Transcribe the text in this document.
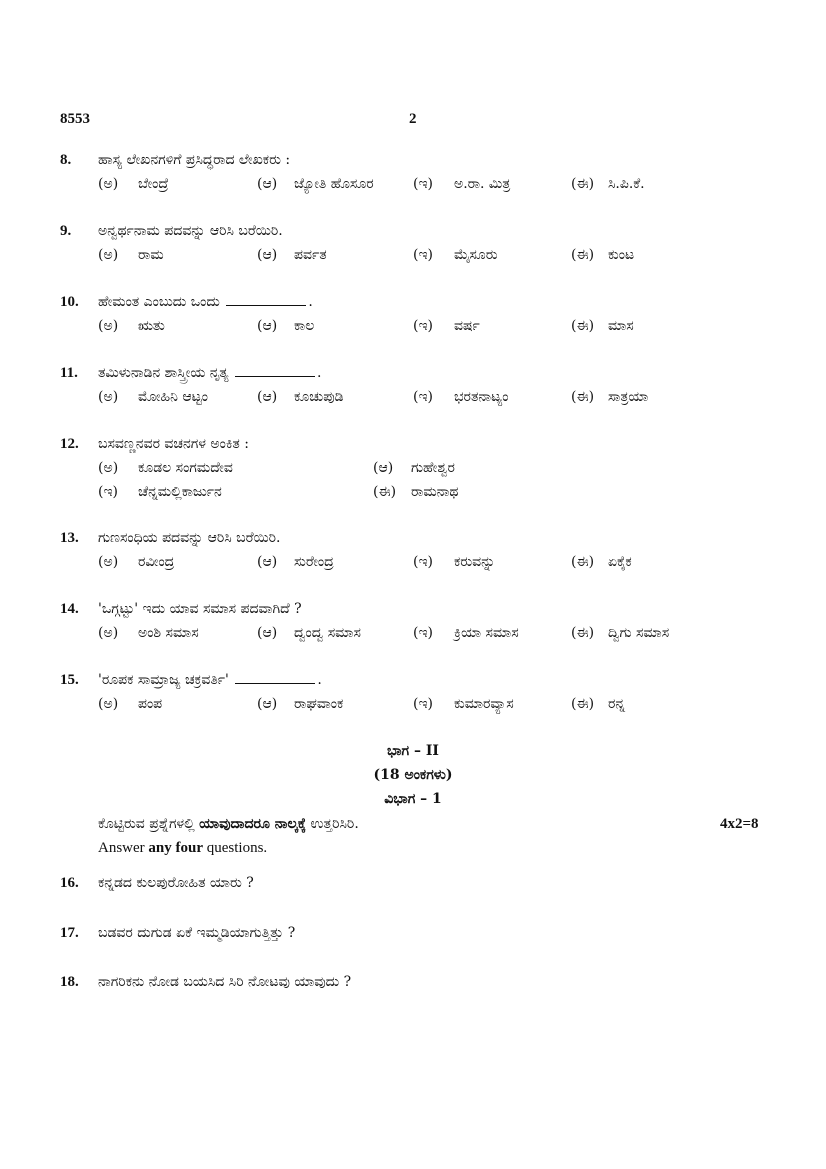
8553	2
8. ಹಾಸ್ಯ ಲೇಖನಗಳಿಗೆ ಪ್ರಸಿದ್ಧರಾದ ಲೇಖಕರು :
(ಅ) ಬೇಂದ್ರೆ	(ಆ) ಜ್ಯೋತಿ ಹೊಸೂರ	(ಇ) ಅ.ರಾ. ಮಿತ್ರ	(ಈ) ಸಿ.ಪಿ.ಕೆ.
9. ಅನ್ವರ್ಥನಾಮ ಪದವನ್ನು ಆರಿಸಿ ಬರೆಯಿರಿ.
(ಅ) ರಾಮ	(ಆ) ಪರ್ವತ	(ಇ) ಮೈಸೂರು	(ಈ) ಕುಂಟ
10. ಹೇಮಂತ ಎಂಬುದು ಒಂದು	.
(ಅ) ಋತು	(ಆ) ಕಾಲ	(ಇ) ವರ್ಷ	(ಈ) ಮಾಸ
11. ತಮಿಳುನಾಡಿನ ಶಾಸ್ತ್ರೀಯ ನೃತ್ಯ	.
(ಅ) ಮೋಹಿನಿ ಆಟ್ಟಂ	(ಆ) ಕೂಚುಪುಡಿ	(ಇ) ಭರತನಾಟ್ಯಂ	(ಈ) ಸಾತ್ರಯಾ
12. ಬಸವಣ್ಣನವರ ವಚನಗಳ ಅಂಕಿತ :
(ಅ) ಕೂಡಲ ಸಂಗಮದೇವ	(ಆ) ಗುಹೇಶ್ವರ
(ಇ) ಚೆನ್ನಮಲ್ಲಿಕಾರ್ಜುನ	(ಈ) ರಾಮನಾಥ
13. ಗುಣಸಂಧಿಯ ಪದವನ್ನು ಆರಿಸಿ ಬರೆಯಿರಿ.
(ಅ) ರವೀಂದ್ರ	(ಆ) ಸುರೇಂದ್ರ	(ಇ) ಕರುವನ್ನು	(ಈ) ಏಕೈಕ
14. 'ಒಗ್ಗಟ್ಟು' ಇದು ಯಾವ ಸಮಾಸ ಪದವಾಗಿದೆ ?
(ಅ) ಅಂಶಿ ಸಮಾಸ	(ಆ) ದ್ವಂದ್ವ ಸಮಾಸ	(ಇ) ಕ್ರಿಯಾ ಸಮಾಸ	(ಈ) ದ್ವಿಗು ಸಮಾಸ
15. 'ರೂಪಕ ಸಾಮ್ರಾಜ್ಯ ಚಕ್ರವರ್ತಿ'	.
(ಅ) ಪಂಪ	(ಆ) ರಾಘವಾಂಕ	(ಇ) ಕುಮಾರವ್ಯಾಸ	(ಈ) ರನ್ನ
ಭಾಗ – II
(18 ಅಂಕಗಳು)
ವಿಭಾಗ – 1
ಕೊಟ್ಟಿರುವ ಪ್ರಶ್ನೆಗಳಲ್ಲಿ ಯಾವುದಾದರೂ ನಾಲ್ಕಕ್ಕೆ ಉತ್ತರಿಸಿರಿ.	4x2=8
Answer any four questions.
16. ಕನ್ನಡದ ಕುಲಪುರೋಹಿತ ಯಾರು ?
17. ಬಡವರ ದುಗುಡ ಏಕೆ ಇಮ್ಮಡಿಯಾಗುತ್ತಿತ್ತು ?
18. ನಾಗರಿಕನು ನೋಡ ಬಯಸಿದ ಸಿರಿ ನೋಟವು ಯಾವುದು ?
